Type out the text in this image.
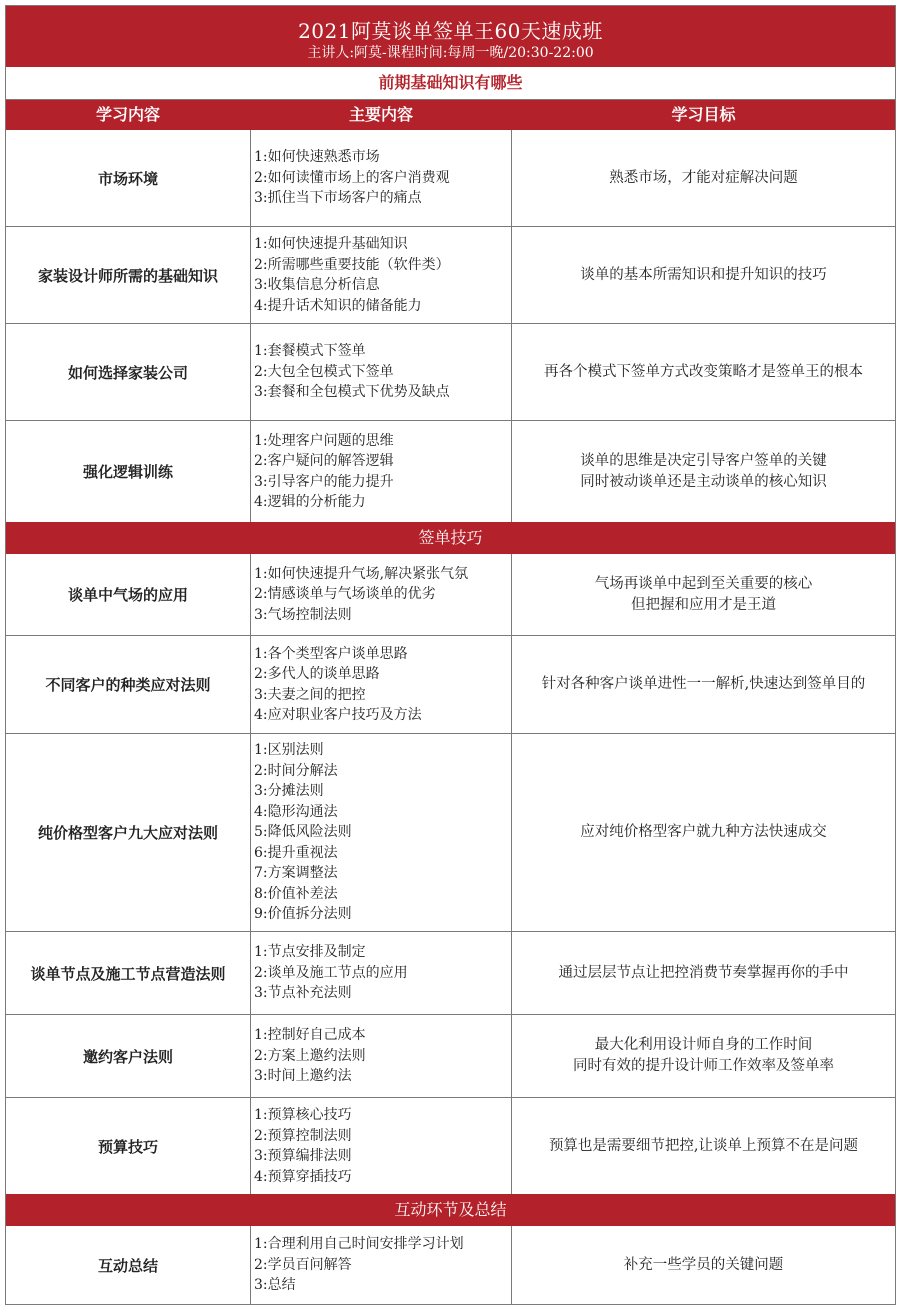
2021阿莫谈单签单王60天速成班
主讲人:阿莫-课程时间:每周一晚/20:30-22:00
前期基础知识有哪些
学习内容	主要内容	学习目标
市场环境
1:如何快速熟悉市场
2:如何读懂市场上的客户消费观
3:抓住当下市场客户的痛点
熟悉市场，才能对症解决问题
家装设计师所需的基础知识
1:如何快速提升基础知识
2:所需哪些重要技能（软件类）
3:收集信息分析信息
4:提升话术知识的储备能力
谈单的基本所需知识和提升知识的技巧
如何选择家装公司
1:套餐模式下签单
2:大包全包模式下签单
3:套餐和全包模式下优势及缺点
再各个模式下签单方式改变策略才是签单王的根本
强化逻辑训练
1:处理客户问题的思维
2:客户疑问的解答逻辑
3:引导客户的能力提升
4:逻辑的分析能力
谈单的思维是决定引导客户签单的关键
同时被动谈单还是主动谈单的核心知识
签单技巧
谈单中气场的应用
1:如何快速提升气场,解决紧张气氛
2:情感谈单与气场谈单的优劣
3:气场控制法则
气场再谈单中起到至关重要的核心
但把握和应用才是王道
不同客户的种类应对法则
1:各个类型客户谈单思路
2:多代人的谈单思路
3:夫妻之间的把控
4:应对职业客户技巧及方法
针对各种客户谈单进性一一解析,快速达到签单目的
纯价格型客户九大应对法则
1:区别法则
2:时间分解法
3:分摊法则
4:隐形沟通法
5:降低风险法则
6:提升重视法
7:方案调整法
8:价值补差法
9:价值拆分法则
应对纯价格型客户就九种方法快速成交
谈单节点及施工节点营造法则
1:节点安排及制定
2:谈单及施工节点的应用
3:节点补充法则
通过层层节点让把控消费节奏掌握再你的手中
邀约客户法则
1:控制好自己成本
2:方案上邀约法则
3:时间上邀约法
最大化利用设计师自身的工作时间
同时有效的提升设计师工作效率及签单率
预算技巧
1:预算核心技巧
2:预算控制法则
3:预算编排法则
4:预算穿插技巧
预算也是需要细节把控,让谈单上预算不在是问题
互动环节及总结
互动总结
1:合理利用自己时间安排学习计划
2:学员百问解答
3:总结
补充一些学员的关键问题
